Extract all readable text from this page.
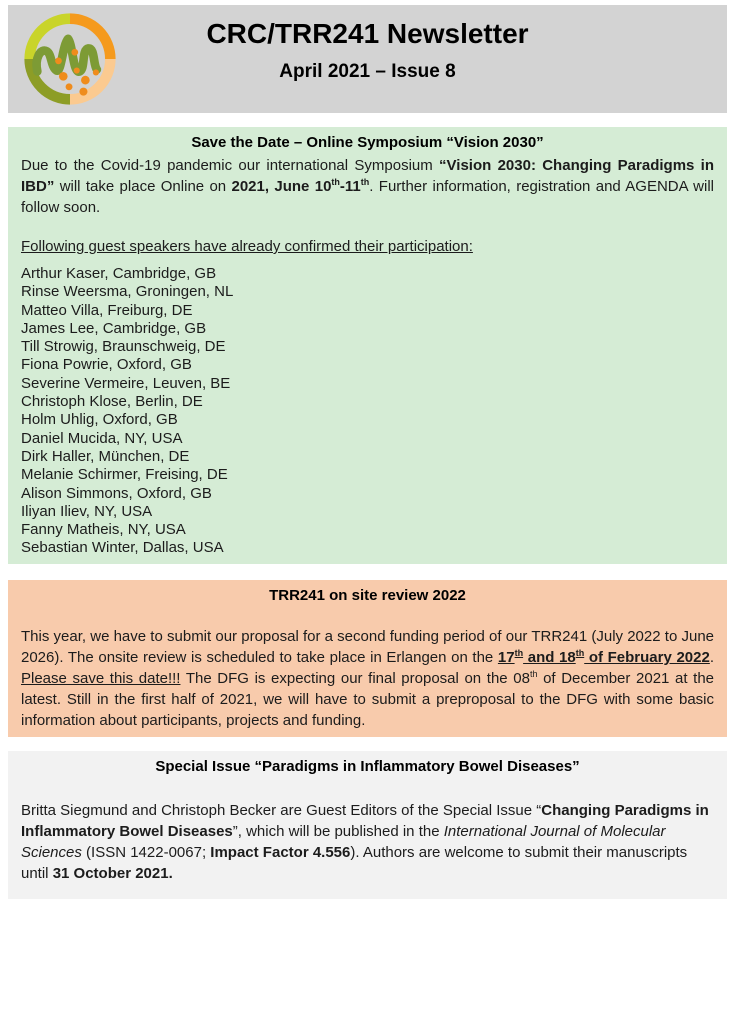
CRC/TRR241 Newsletter
April 2021 – Issue 8
Save the Date – Online Symposium “Vision 2030”

Due to the Covid-19 pandemic our international Symposium “Vision 2030: Changing Paradigms in IBD” will take place Online on 2021, June 10th-11th. Further information, registration and AGENDA will follow soon.

Following guest speakers have already confirmed their participation:

Arthur Kaser, Cambridge, GB
Rinse Weersma, Groningen, NL
Matteo Villa, Freiburg, DE
James Lee, Cambridge, GB
Till Strowig, Braunschweig, DE
Fiona Powrie, Oxford, GB
Severine Vermeire, Leuven, BE
Christoph Klose, Berlin, DE
Holm Uhlig, Oxford, GB
Daniel Mucida, NY, USA
Dirk Haller, München, DE
Melanie Schirmer, Freising, DE
Alison Simmons, Oxford, GB
Iliyan Iliev, NY, USA
Fanny Matheis, NY, USA
Sebastian Winter, Dallas, USA
TRR241 on site review 2022

This year, we have to submit our proposal for a second funding period of our TRR241 (July 2022 to June 2026). The onsite review is scheduled to take place in Erlangen on the 17th and 18th of February 2022. Please save this date!!! The DFG is expecting our final proposal on the 08th of December 2021 at the latest. Still in the first half of 2021, we will have to submit a preproposal to the DFG with some basic information about participants, projects and funding.

Special Issue “Paradigms in Inflammatory Bowel Diseases”

Britta Siegmund and Christoph Becker are Guest Editors of the Special Issue “Changing Paradigms in Inflammatory Bowel Diseases”, which will be published in the International Journal of Molecular Sciences (ISSN 1422-0067; Impact Factor 4.556). Authors are welcome to submit their manuscripts until 31 October 2021.
